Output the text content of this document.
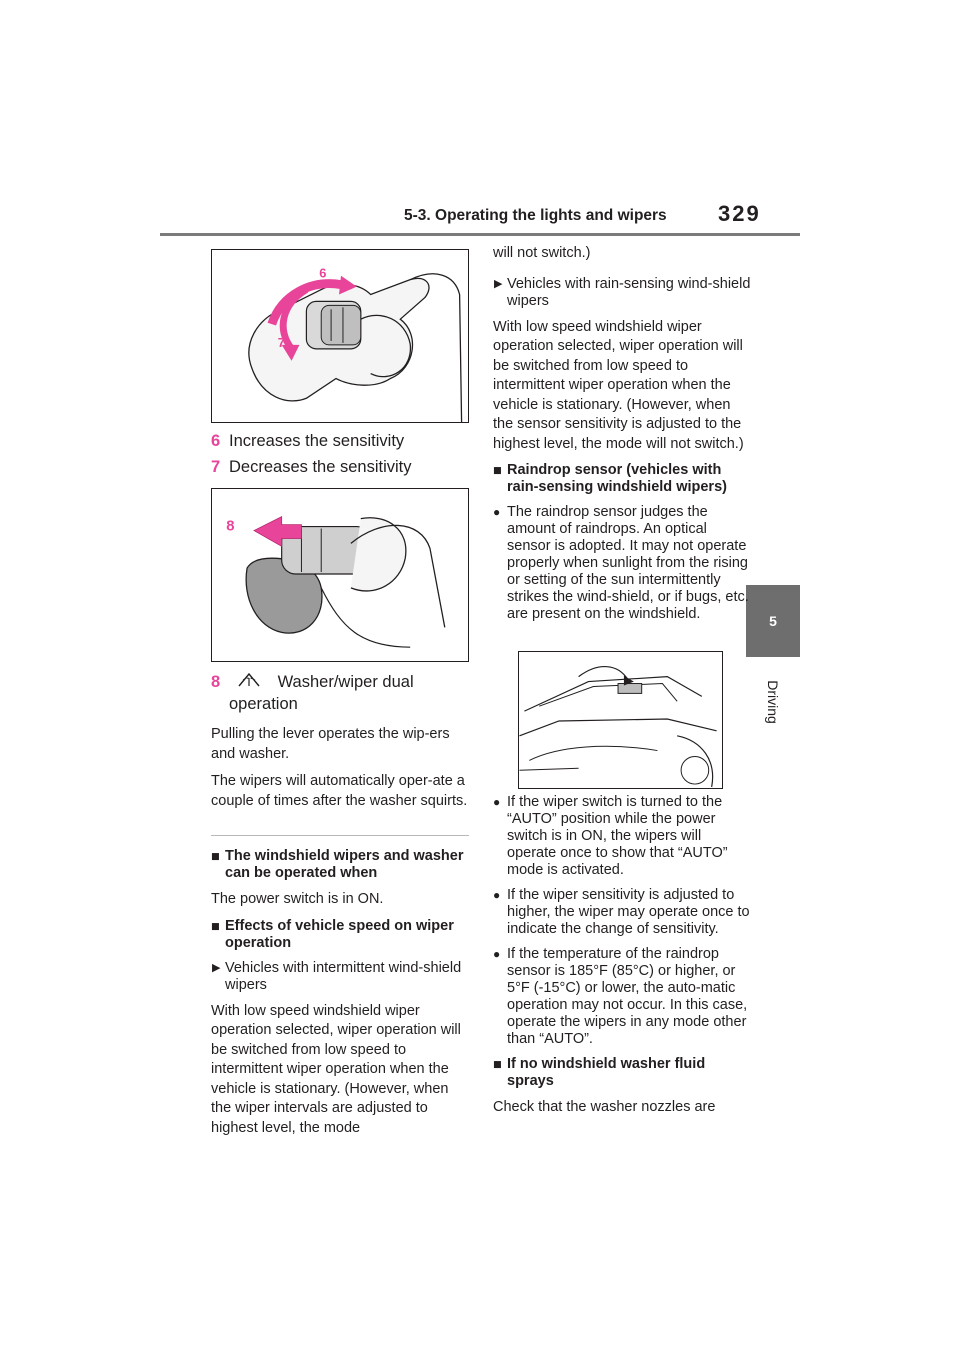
5-3. Operating the lights and wipers 329
5
Driving
6
7

6 Increases the sensitivity

7 Decreases the sensitivity

8

8	Washer/wiper dual
operation

Pulling the lever operates the wip-ers and washer.

The wipers will automatically oper-ate a couple of times after the washer squirts.

■ The windshield wipers and washer can be operated when

The power switch is in ON.

■ Effects of vehicle speed on wiper operation

▶ Vehicles with intermittent wind-shield wipers

With low speed windshield wiper operation selected, wiper operation will be switched from low speed to intermittent wiper operation when the vehicle is stationary. (However, when the wiper intervals are adjusted to highest level, the mode

will not switch.)

▶ Vehicles with rain-sensing wind-shield wipers

With low speed windshield wiper operation selected, wiper operation will be switched from low speed to intermittent wiper operation when the vehicle is stationary. (However, when the sensor sensitivity is adjusted to the highest level, the mode will not switch.)

■ Raindrop sensor (vehicles with rain-sensing windshield wipers)

● The raindrop sensor judges the amount of raindrops. An optical sensor is adopted. It may not operate properly when sunlight from the rising or setting of the sun intermittently strikes the wind-shield, or if bugs, etc. are present on the windshield.

● If the wiper switch is turned to the “AUTO” position while the power switch is in ON, the wipers will operate once to show that “AUTO” mode is activated.

● If the wiper sensitivity is adjusted to higher, the wiper may operate once to indicate the change of sensitivity.

● If the temperature of the raindrop sensor is 185°F (85°C) or higher, or 5°F (-15°C) or lower, the auto-matic operation may not occur. In this case, operate the wipers in any mode other than “AUTO”.

■ If no windshield washer fluid sprays

Check that the washer nozzles are
